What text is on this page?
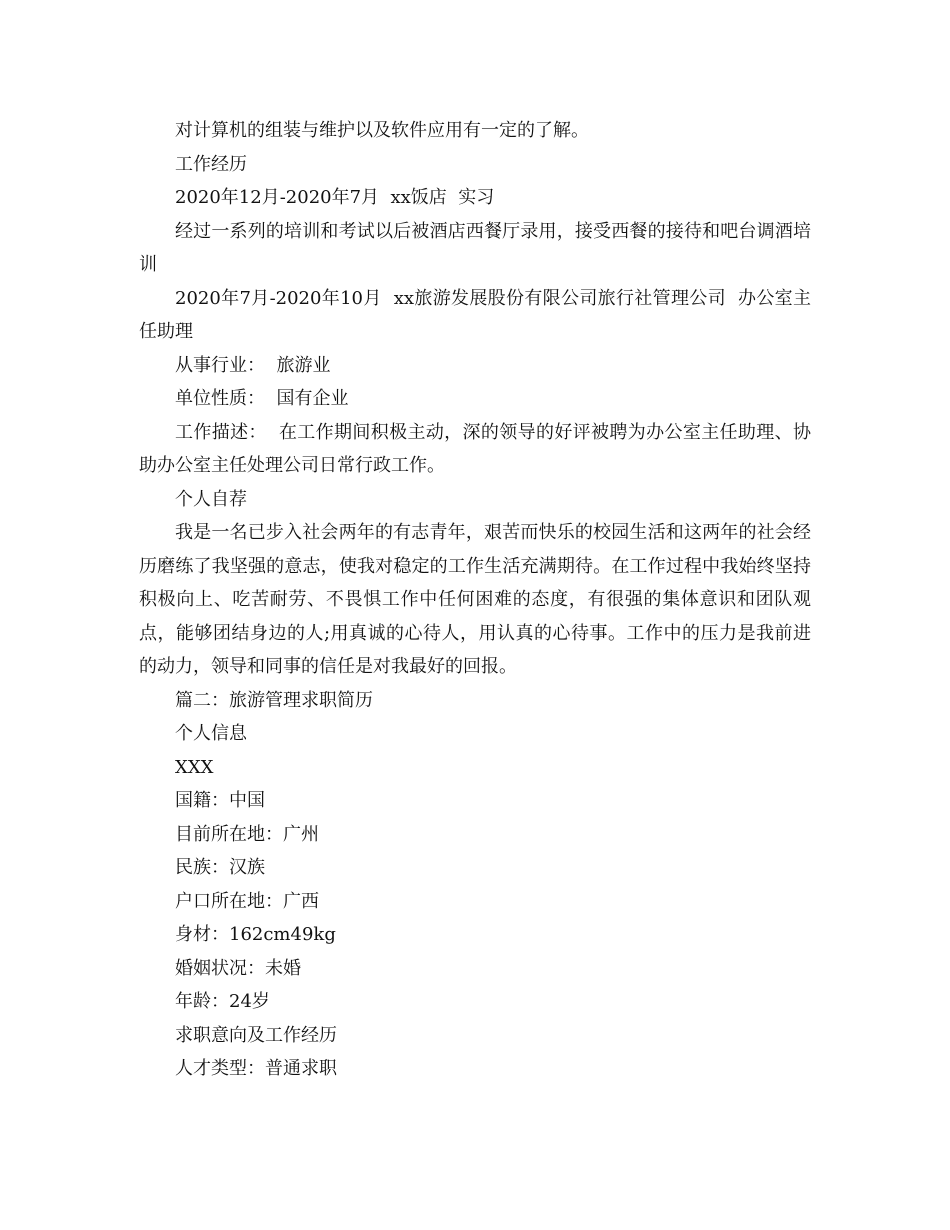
对计算机的组装与维护以及软件应用有一定的了解。

工作经历

2020年12月-2020年7月  xx饭店  实习

经过一系列的培训和考试以后被酒店西餐厅录用，接受西餐的接待和吧台调酒培训

2020年7月-2020年10月  xx旅游发展股份有限公司旅行社管理公司  办公室主任助理

从事行业：  旅游业

单位性质：  国有企业

工作描述：  在工作期间积极主动，深的领导的好评被聘为办公室主任助理、协助办公室主任处理公司日常行政工作。

个人自荐

我是一名已步入社会两年的有志青年，艰苦而快乐的校园生活和这两年的社会经历磨练了我坚强的意志，使我对稳定的工作生活充满期待。在工作过程中我始终坚持积极向上、吃苦耐劳、不畏惧工作中任何困难的态度，有很强的集体意识和团队观点，能够团结身边的人;用真诚的心待人，用认真的心待事。工作中的压力是我前进的动力，领导和同事的信任是对我最好的回报。

篇二：旅游管理求职简历

个人信息

XXX

国籍：中国

目前所在地：广州

民族：汉族

户口所在地：广西

身材：162cm49kg

婚姻状况：未婚

年龄：24岁

求职意向及工作经历

人才类型：普通求职
